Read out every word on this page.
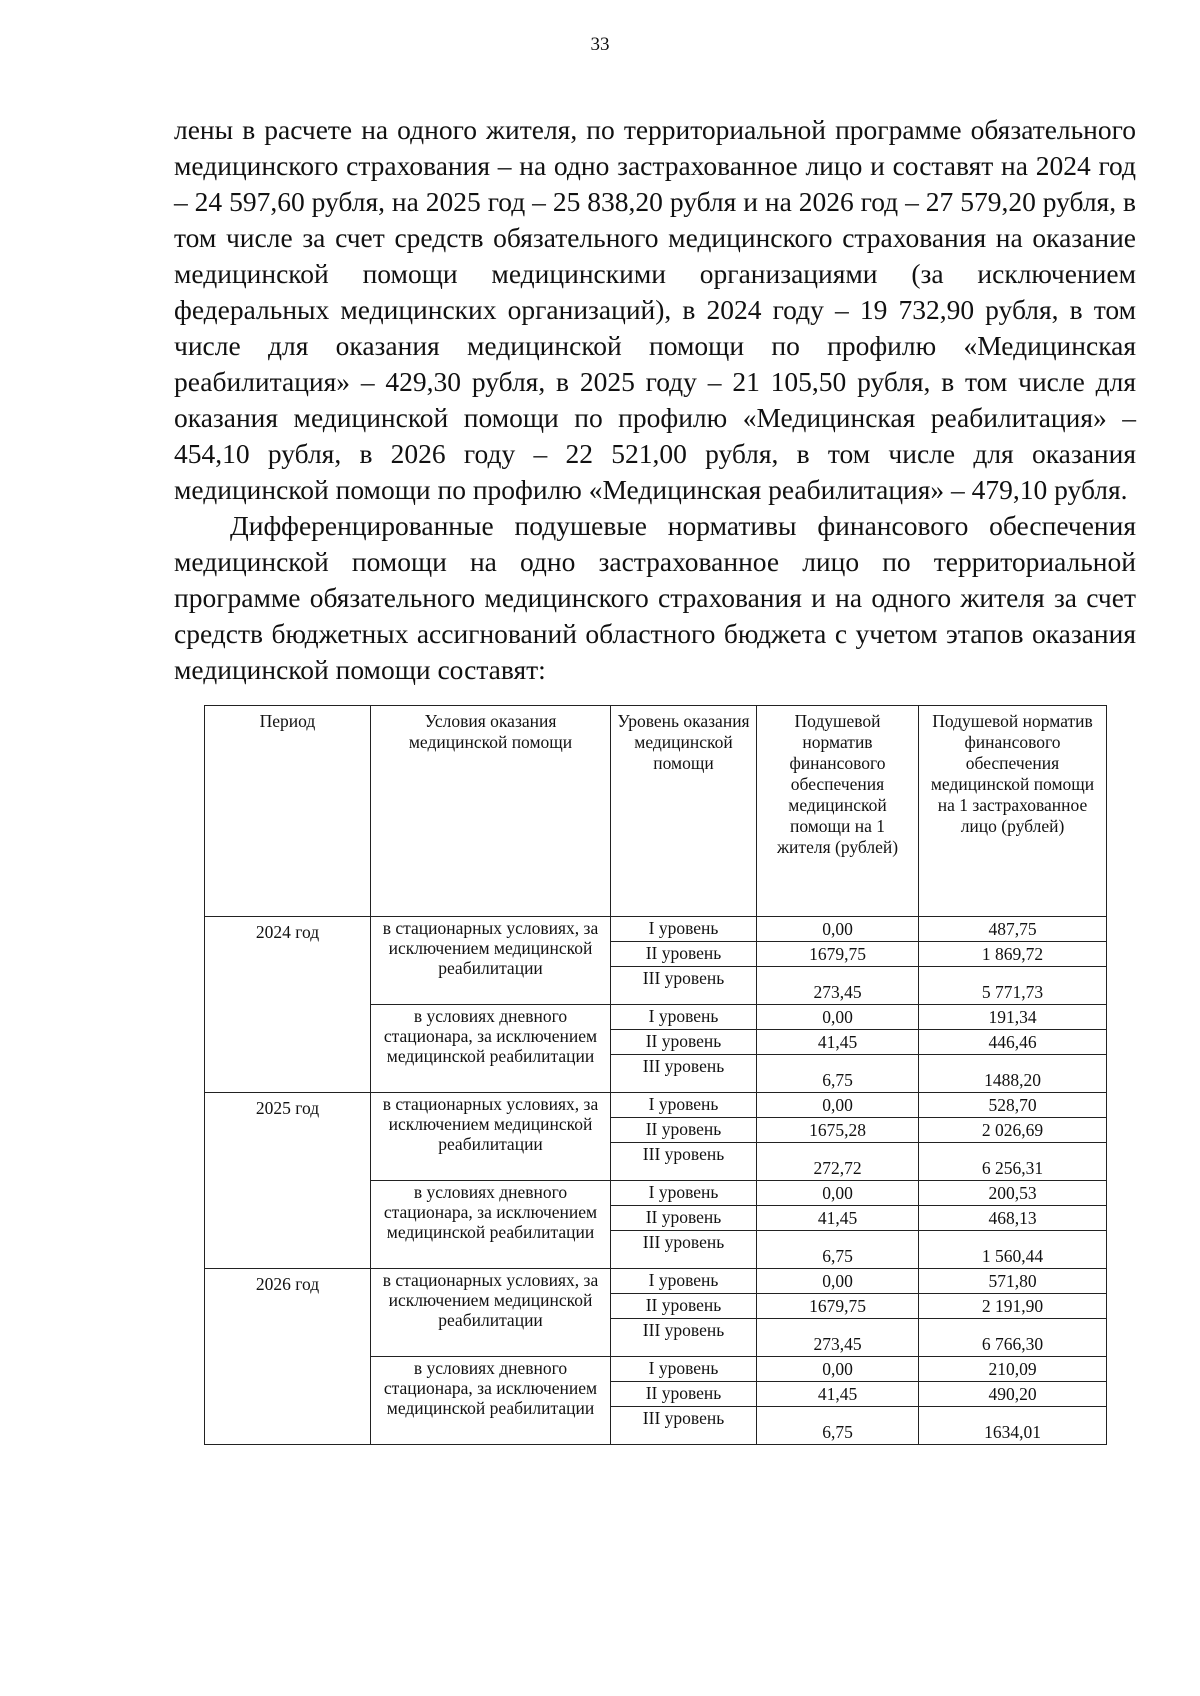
33

лены в расчете на одного жителя, по территориальной программе обязательного медицинского страхования – на одно застрахованное лицо и составят на 2024 год – 24 597,60 рубля, на 2025 год – 25 838,20 рубля и на 2026 год – 27 579,20 рубля, в том числе за счет средств обязательного медицинского страхования на оказание медицинской помощи медицинскими организациями (за исключением федеральных медицинских организаций), в 2024 году – 19 732,90 рубля, в том числе для оказания медицинской помощи по профилю «Медицинская реабилитация» – 429,30 рубля, в 2025 году – 21 105,50 рубля, в том числе для оказания медицинской помощи по профилю «Медицинская реабилитация» – 454,10 рубля, в 2026 году – 22 521,00 рубля, в том числе для оказания медицинской помощи по профилю «Медицинская реабилитация» – 479,10 рубля.

Дифференцированные подушевые нормативы финансового обеспечения медицинской помощи на одно застрахованное лицо по территориальной программе обязательного медицинского страхования и на одного жителя за счет средств бюджетных ассигнований областного бюджета с учетом этапов оказания медицинской помощи составят:

Период	Условия оказания медицинской помощи	Уровень оказания медицинской помощи	Подушевой норматив финансового обеспечения медицинской помощи на 1 жителя (рублей)	Подушевой норматив финансового обеспечения медицинской помощи на 1 застрахованное лицо (рублей)
2024 год	в стационарных условиях, за исключением медицинской реабилитации	I уровень	0,00	487,75
		II уровень	1679,75	1 869,72
		III уровень	273,45	5 771,73
	в условиях дневного стационара, за исключением медицинской реабилитации	I уровень	0,00	191,34
		II уровень	41,45	446,46
		III уровень	6,75	1488,20
2025 год	в стационарных условиях, за исключением медицинской реабилитации	I уровень	0,00	528,70
		II уровень	1675,28	2 026,69
		III уровень	272,72	6 256,31
	в условиях дневного стационара, за исключением медицинской реабилитации	I уровень	0,00	200,53
		II уровень	41,45	468,13
		III уровень	6,75	1 560,44
2026 год	в стационарных условиях, за исключением медицинской реабилитации	I уровень	0,00	571,80
		II уровень	1679,75	2 191,90
		III уровень	273,45	6 766,30
	в условиях дневного стационара, за исключением медицинской реабилитации	I уровень	0,00	210,09
		II уровень	41,45	490,20
		III уровень	6,75	1634,01
